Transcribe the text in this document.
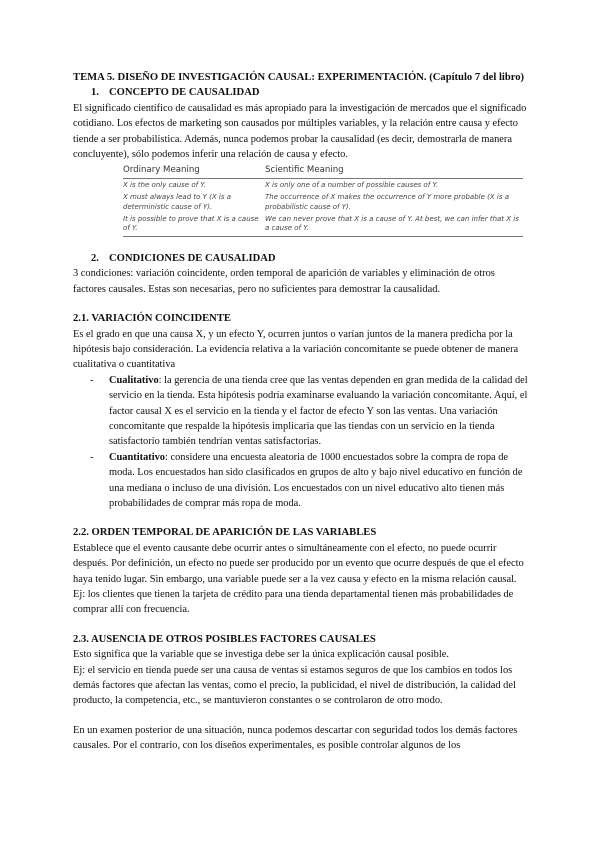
TEMA 5. DISEÑO DE INVESTIGACIÓN CAUSAL: EXPERIMENTACIÓN. (Capítulo 7 del libro)
1. CONCEPTO DE CAUSALIDAD

El significado científico de causalidad es más apropiado para la investigación de mercados que el significado cotidiano. Los efectos de marketing son causados por múltiples variables, y la relación entre causa y efecto tiende a ser probabilística. Además, nunca podemos probar la causalidad (es decir, demostrarla de manera concluyente), sólo podemos inferir una relación de causa y efecto.

Ordinary Meaning	Scientific Meaning
X is the only cause of Y.	X is only one of a number of possible causes of Y.
X must always lead to Y (X is a deterministic cause of Y).	The occurrence of X makes the occurrence of Y more probable (X is a probabilistic cause of Y).
It is possible to prove that X is a cause of Y.	We can never prove that X is a cause of Y. At best, we can infer that X is a cause of Y.
2. CONDICIONES DE CAUSALIDAD

3 condiciones: variación coincidente, orden temporal de aparición de variables y eliminación de otros factores causales. Estas son necesarias, pero no suficientes para demostrar la causalidad.

2.1. VARIACIÓN COINCIDENTE

Es el grado en que una causa X, y un efecto Y, ocurren juntos o varían juntos de la manera predicha por la hipótesis bajo consideración. La evidencia relativa a la variación concomitante se puede obtener de manera cualitativa o cuantitativa

- Cualitativo: la gerencia de una tienda cree que las ventas dependen en gran medida de la calidad del servicio en la tienda. Esta hipótesis podría examinarse evaluando la variación concomitante. Aquí, el factor causal X es el servicio en la tienda y el factor de efecto Y son las ventas. Una variación concomitante que respalde la hipótesis implicaría que las tiendas con un servicio en la tienda satisfactorio también tendrían ventas satisfactorias.
- Cuantitativo: considere una encuesta aleatoria de 1000 encuestados sobre la compra de ropa de moda. Los encuestados han sido clasificados en grupos de alto y bajo nivel educativo en función de una mediana o incluso de una división. Los encuestados con un nivel educativo alto tienen más probabilidades de comprar más ropa de moda.
2.2. ORDEN TEMPORAL DE APARICIÓN DE LAS VARIABLES

Establece que el evento causante debe ocurrir antes o simultáneamente con el efecto, no puede ocurrir después. Por definición, un efecto no puede ser producido por un evento que ocurre después de que el efecto haya tenido lugar. Sin embargo, una variable puede ser a la vez causa y efecto en la misma relación causal.

Ej: los clientes que tienen la tarjeta de crédito para una tienda departamental tienen más probabilidades de comprar allí con frecuencia.

2.3. AUSENCIA DE OTROS POSIBLES FACTORES CAUSALES

Esto significa que la variable que se investiga debe ser la única explicación causal posible.

Ej: el servicio en tienda puede ser una causa de ventas si estamos seguros de que los cambios en todos los demás factores que afectan las ventas, como el precio, la publicidad, el nivel de distribución, la calidad del producto, la competencia, etc., se mantuvieron constantes o se controlaron de otro modo.

En un examen posterior de una situación, nunca podemos descartar con seguridad todos los demás factores causales. Por el contrario, con los diseños experimentales, es posible controlar algunos de los
